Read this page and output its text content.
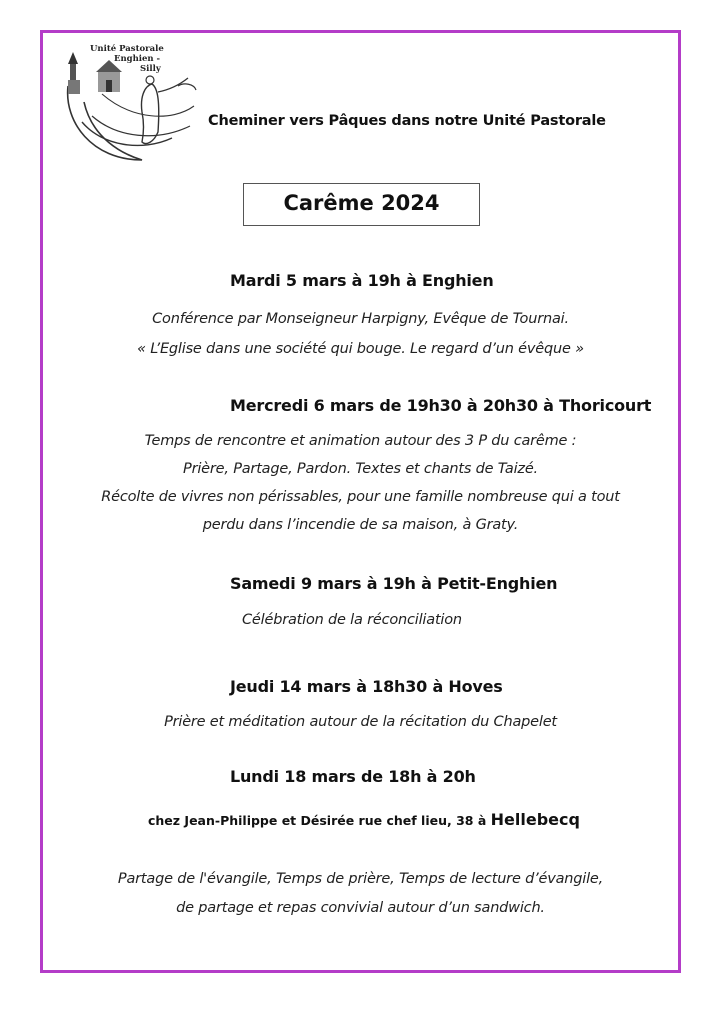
Unité Pastorale
Enghien -
Silly
Cheminer vers Pâques dans notre Unité Pastorale
Carême 2024
Mardi 5 mars à 19h à Enghien
Conférence par Monseigneur Harpigny, Evêque de Tournai.
« L’Eglise dans une société qui bouge. Le regard d’un évêque »
Mercredi 6 mars de 19h30 à 20h30 à Thoricourt
Temps de rencontre et animation autour des 3 P du carême :
Prière, Partage, Pardon. Textes et chants de Taizé.
Récolte de vivres non périssables, pour une famille nombreuse qui a tout
perdu dans l’incendie de sa maison, à Graty.
Samedi 9 mars à 19h à Petit-Enghien
Célébration de la réconciliation
Jeudi 14 mars à 18h30 à Hoves
Prière et méditation autour de la récitation du Chapelet
Lundi 18 mars de 18h à 20h
chez Jean-Philippe et Désirée rue chef lieu, 38 à Hellebecq
Partage de l'évangile, Temps de prière, Temps de lecture d’évangile,
de partage et repas convivial autour d’un sandwich.
